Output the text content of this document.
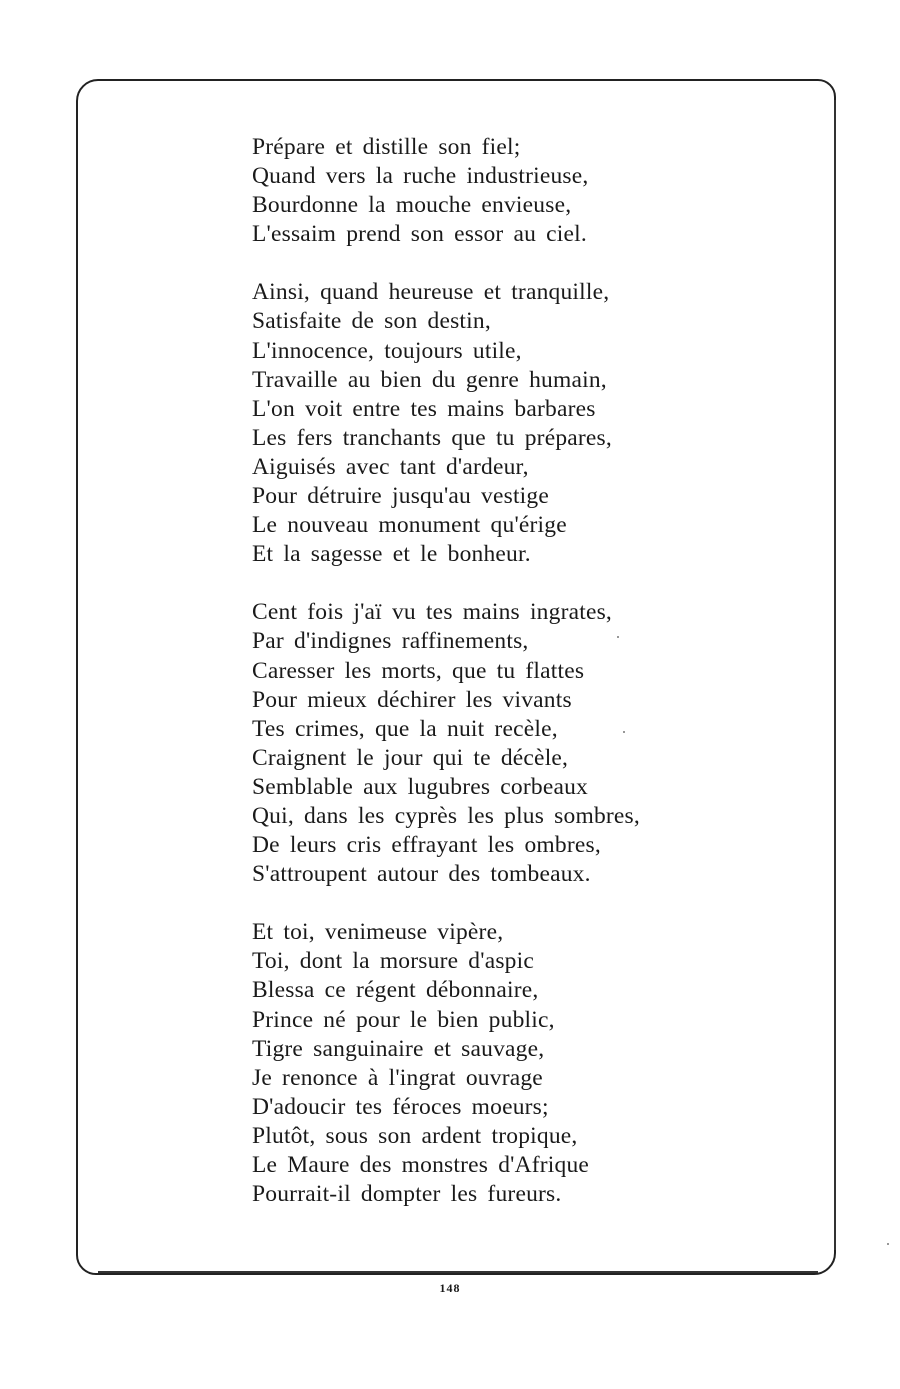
Prépare et distille son fiel;
Quand vers la ruche industrieuse,
Bourdonne la mouche envieuse,
L'essaim prend son essor au ciel.
Ainsi, quand heureuse et tranquille,
Satisfaite de son destin,
L'innocence, toujours utile,
Travaille au bien du genre humain,
L'on voit entre tes mains barbares
Les fers tranchants que tu prépares,
Aiguisés avec tant d'ardeur,
Pour détruire jusqu'au vestige
Le nouveau monument qu'érige
Et la sagesse et le bonheur.
Cent fois j'aï vu tes mains ingrates,
Par d'indignes raffinements,
Caresser les morts, que tu flattes
Pour mieux déchirer les vivants
Tes crimes, que la nuit recèle,
Craignent le jour qui te décèle,
Semblable aux lugubres corbeaux
Qui, dans les cyprès les plus sombres,
De leurs cris effrayant les ombres,
S'attroupent autour des tombeaux.
Et toi, venimeuse vipère,
Toi, dont la morsure d'aspic
Blessa ce régent débonnaire,
Prince né pour le bien public,
Tigre sanguinaire et sauvage,
Je renonce à l'ingrat ouvrage
D'adoucir tes féroces moeurs;
Plutôt, sous son ardent tropique,
Le Maure des monstres d'Afrique
Pourrait-il dompter les fureurs.
148
